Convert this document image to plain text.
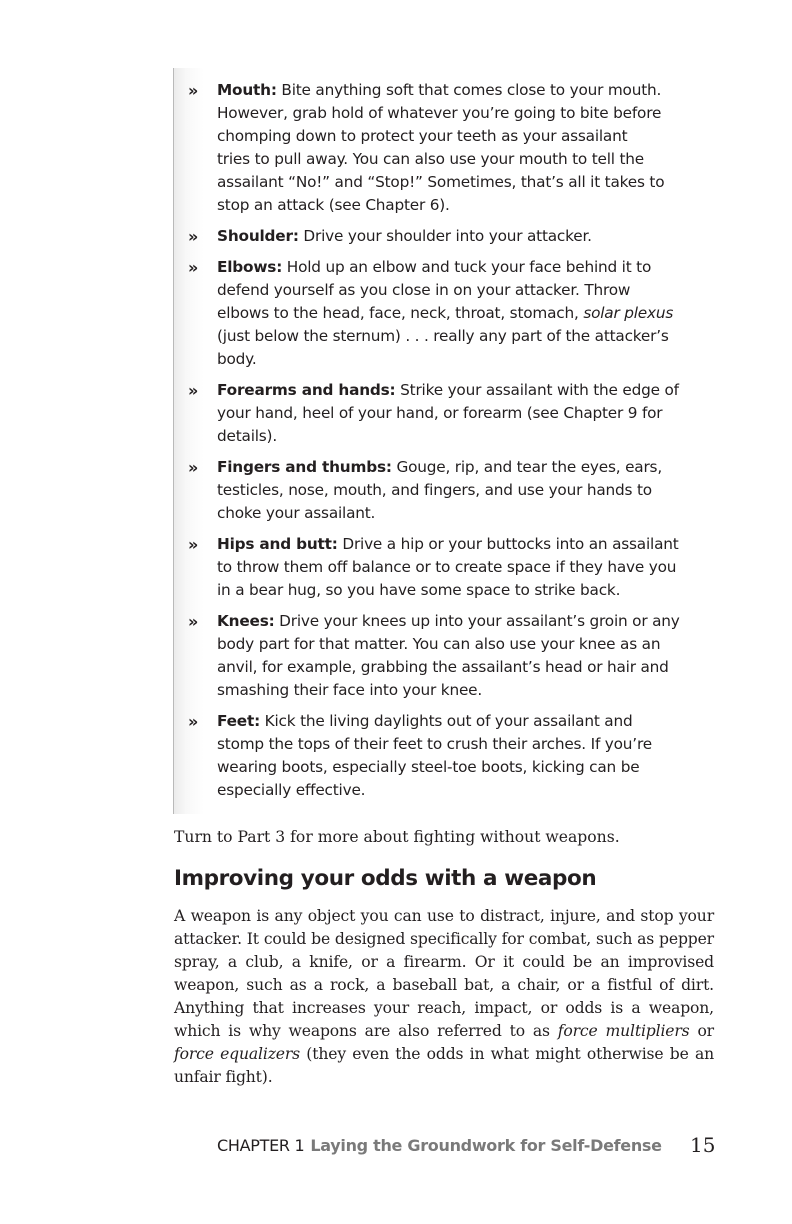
» Mouth: Bite anything soft that comes close to your mouth.
However, grab hold of whatever you’re going to bite before
chomping down to protect your teeth as your assailant
tries to pull away. You can also use your mouth to tell the
assailant “No!” and “Stop!” Sometimes, that’s all it takes to
stop an attack (see Chapter 6).
» Shoulder: Drive your shoulder into your attacker.
» Elbows: Hold up an elbow and tuck your face behind it to
defend yourself as you close in on your attacker. Throw
elbows to the head, face, neck, throat, stomach, solar plexus
(just below the sternum) . . . really any part of the attacker’s
body.
» Forearms and hands: Strike your assailant with the edge of
your hand, heel of your hand, or forearm (see Chapter 9 for
details).
» Fingers and thumbs: Gouge, rip, and tear the eyes, ears,
testicles, nose, mouth, and fingers, and use your hands to
choke your assailant.
» Hips and butt: Drive a hip or your buttocks into an assailant
to throw them off balance or to create space if they have you
in a bear hug, so you have some space to strike back.
» Knees: Drive your knees up into your assailant’s groin or any
body part for that matter. You can also use your knee as an
anvil, for example, grabbing the assailant’s head or hair and
smashing their face into your knee.
» Feet: Kick the living daylights out of your assailant and
stomp the tops of their feet to crush their arches. If you’re
wearing boots, especially steel-toe boots, kicking can be
especially effective.
Turn to Part 3 for more about fighting without weapons.
Improving your odds with a weapon
A weapon is any object you can use to distract, injure, and stop your attacker. It could be designed specifically for combat, such as pepper spray, a club, a knife, or a firearm. Or it could be an improvised weapon, such as a rock, a baseball bat, a chair, or a fistful of dirt. Anything that increases your reach, impact, or odds is a weapon, which is why weapons are also referred to as force multipliers or force equalizers (they even the odds in what might otherwise be an unfair fight).
CHAPTER 1 Laying the Groundwork for Self-Defense 15
